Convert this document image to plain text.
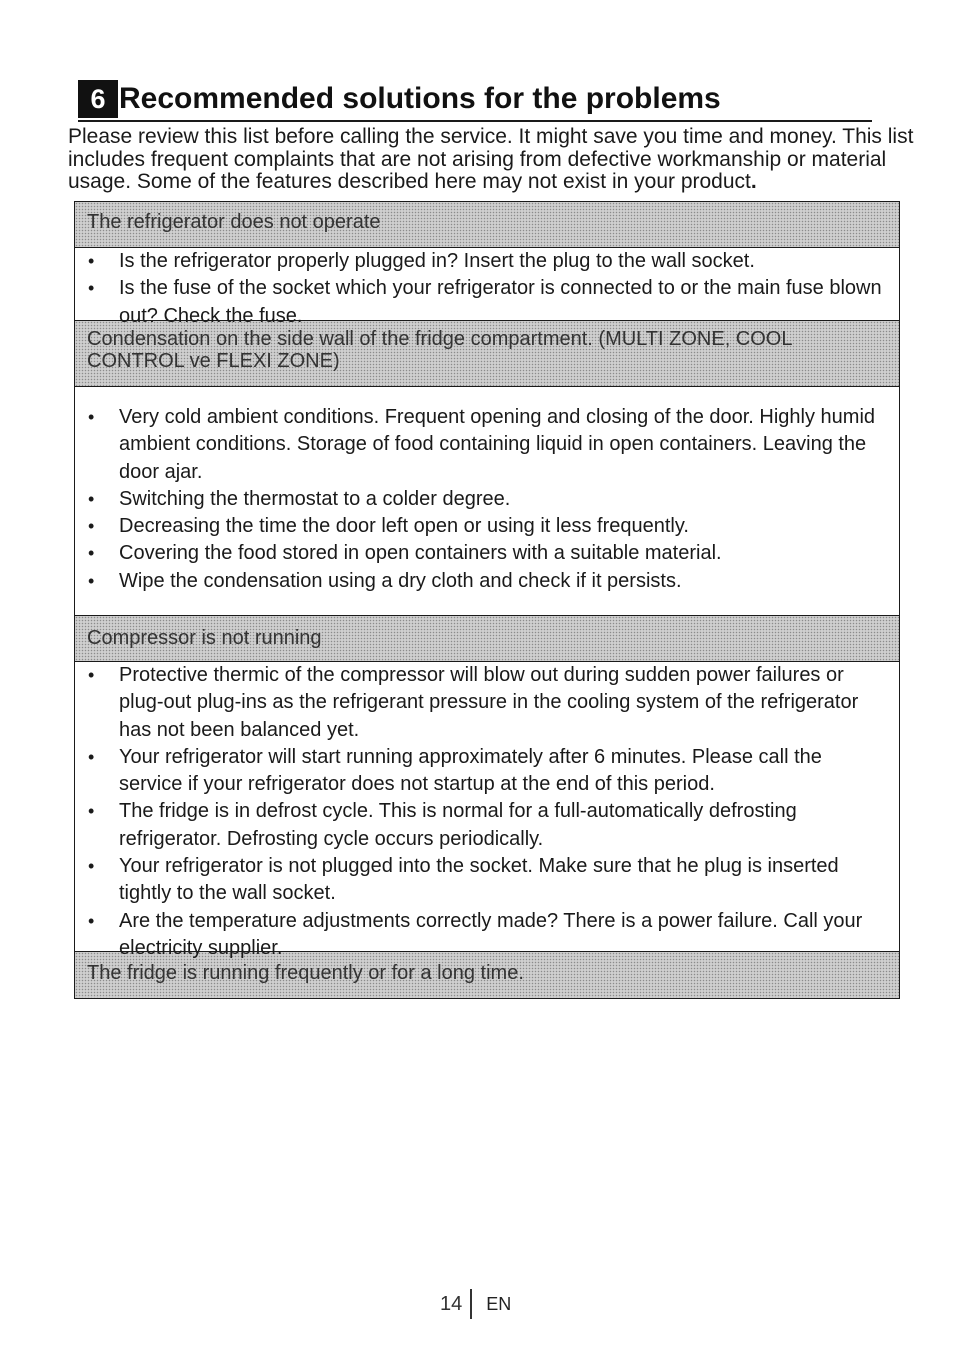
6 Recommended solutions for the problems
Please review this list before calling the service. It might save you time and money. This list includes frequent complaints that are not arising from defective workmanship or material usage. Some of the features described here may not exist in your product.
The refrigerator does not operate
• Is the refrigerator properly plugged in? Insert the plug to the wall socket.
• Is the fuse of the socket which your refrigerator is connected to or the main fuse blown out? Check the fuse.
Condensation on the side wall of the fridge compartment. (MULTI ZONE, COOL CONTROL ve FLEXI ZONE)
• Very cold ambient conditions. Frequent opening and closing of the door. Highly humid ambient conditions. Storage of food containing liquid in open containers. Leaving the door ajar.
• Switching the thermostat to a colder degree.
• Decreasing the time the door left open or using it less frequently.
• Covering the food stored in open containers with a suitable material.
• Wipe the condensation using a dry cloth and check if it persists.
Compressor is not running
• Protective thermic of the compressor will blow out during sudden power failures or plug-out plug-ins as the refrigerant pressure in the cooling system of the refrigerator has not been balanced yet.
• Your refrigerator will start running approximately after 6 minutes. Please call the service if your refrigerator does not startup at the end of this period.
• The fridge is in defrost cycle. This is normal for a full-automatically defrosting refrigerator. Defrosting cycle occurs periodically.
• Your refrigerator is not plugged into the socket. Make sure that he plug is inserted tightly to the wall socket.
• Are the temperature adjustments correctly made? There is a power failure. Call your electricity supplier.
The fridge is running frequently or for a long time.
14 EN
